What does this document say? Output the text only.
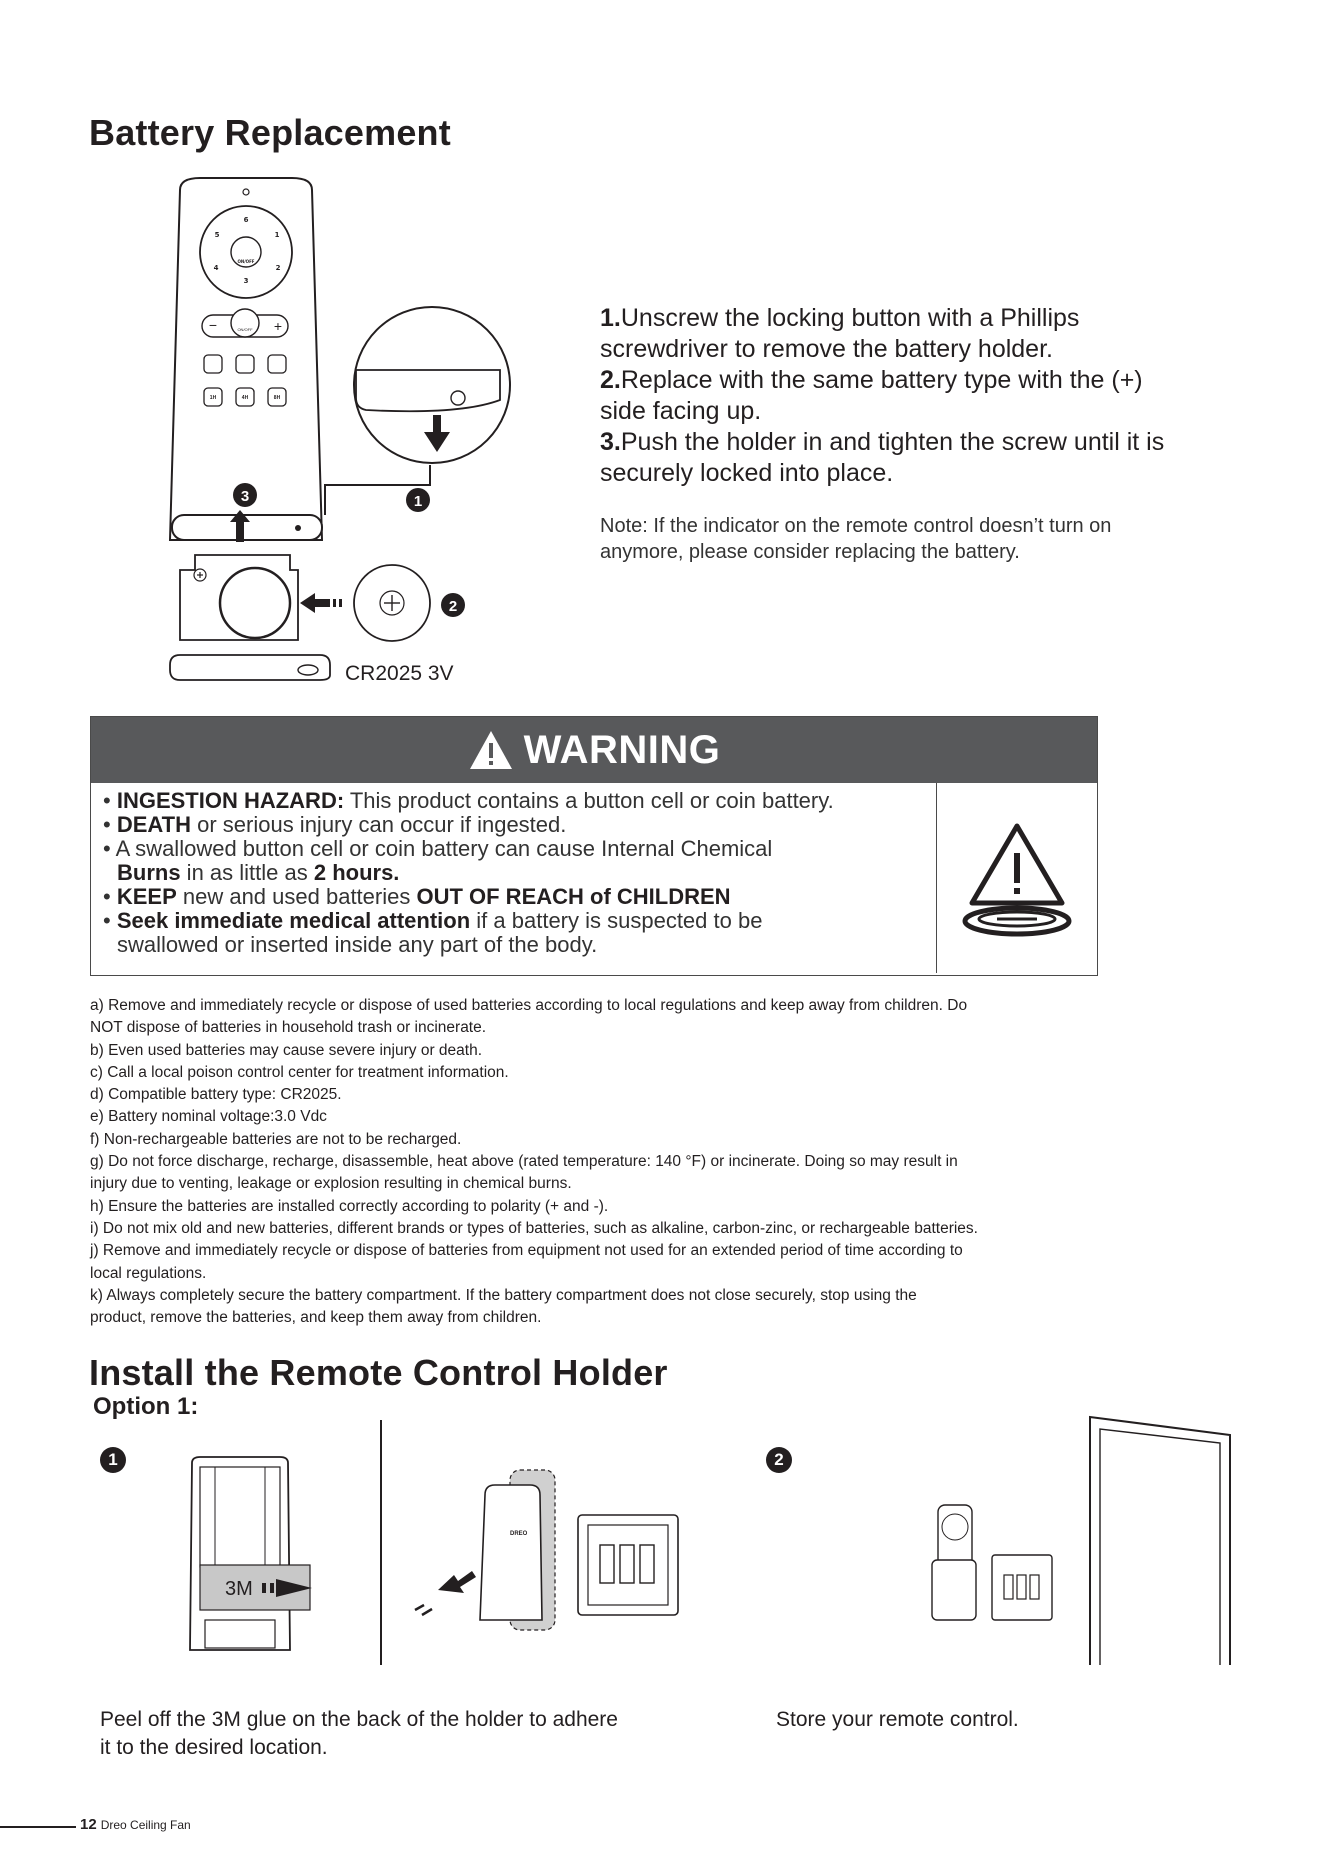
Battery Replacement
6
1
2
3
4
5
ON/OFF
−	+
ON/OFF
1H	4H	8H
3
2
1
CR2025 3V

1.Unscrew the locking button with a Phillips screwdriver to remove the battery holder.

2.Replace with the same battery type with the (+) side facing up.

3.Push the holder in and tighten the screw until it is securely locked into place.

Note: If the indicator on the remote control doesn’t turn on anymore, please consider replacing the battery.
WARNING
• INGESTION HAZARD: This product contains a button cell or coin battery.
• DEATH or serious injury can occur if ingested.
• A swallowed button cell or coin battery can cause Internal Chemical
Burns in as little as 2 hours.
• KEEP new and used batteries OUT OF REACH of CHILDREN
• Seek immediate medical attention if a battery is suspected to be
swallowed or inserted inside any part of the body.
a) Remove and immediately recycle or dispose of used batteries according to local regulations and keep away from children. Do
NOT dispose of batteries in household trash or incinerate.
b) Even used batteries may cause severe injury or death.
c) Call a local poison control center for treatment information.
d) Compatible battery type: CR2025.
e) Battery nominal voltage:3.0 Vdc
f) Non-rechargeable batteries are not to be recharged.
g) Do not force discharge, recharge, disassemble, heat above (rated temperature: 140 °F) or incinerate. Doing so may result in
injury due to venting, leakage or explosion resulting in chemical burns.
h) Ensure the batteries are installed correctly according to polarity (+ and -).
i) Do not mix old and new batteries, different brands or types of batteries, such as alkaline, carbon-zinc, or rechargeable batteries.
j) Remove and immediately recycle or dispose of batteries from equipment not used for an extended period of time according to
local regulations.
k) Always completely secure the battery compartment. If the battery compartment does not close securely, stop using the
product, remove the batteries, and keep them away from children.
Install the Remote Control Holder
Option 1:
1	2
3M
DREO
Peel off the 3M glue on the back of the holder to adhere
it to the desired location.
Store your remote control.
12 Dreo Ceiling Fan
